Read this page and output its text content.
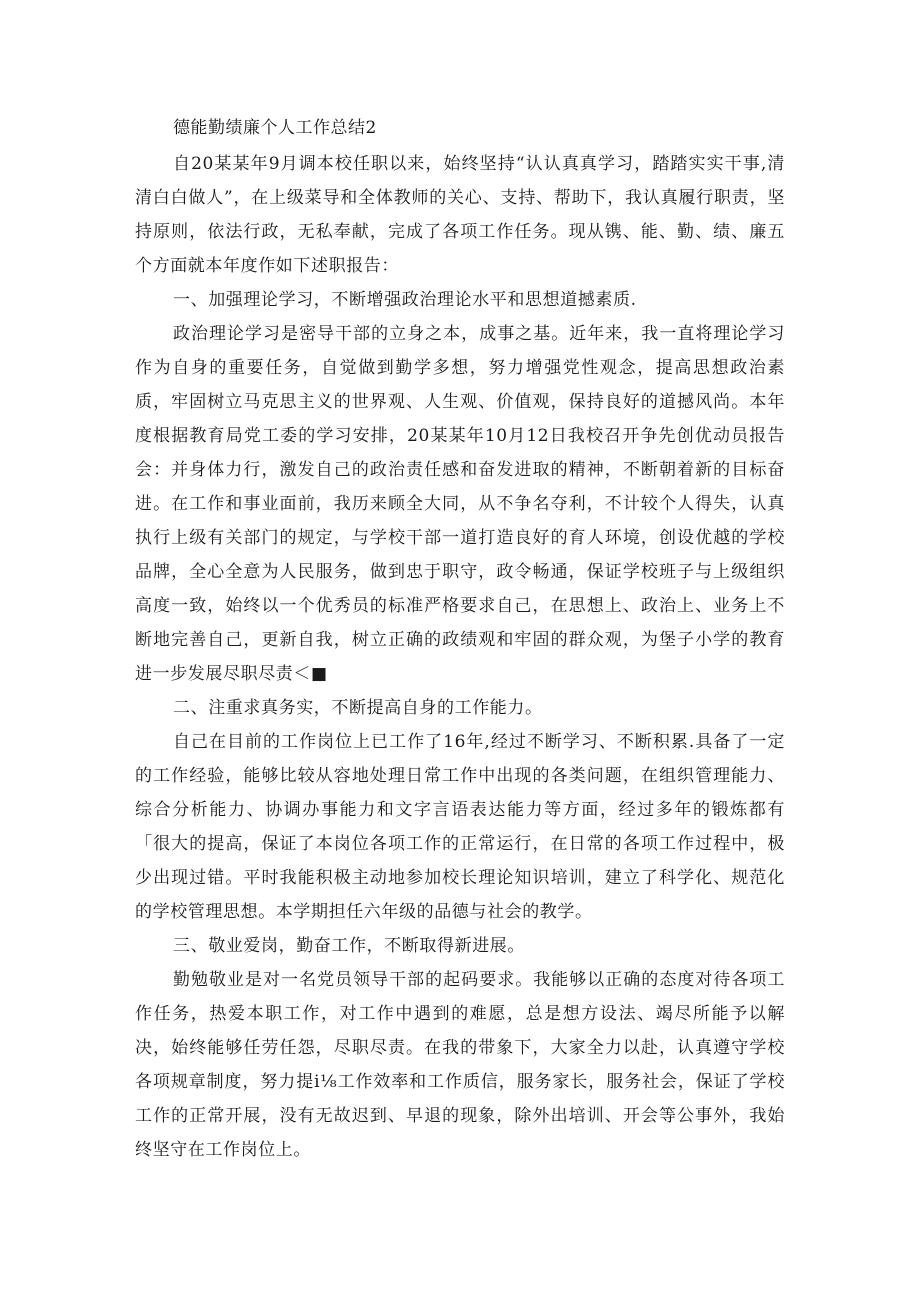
德能勤绩廉个人工作总结2

自20某某年9月调本校任职以来，始终坚持“认认真真学习，踏踏实实干事,清清白白做人”，在上级菜导和全体教师的关心、支持、帮助下，我认真履行职责，坚持原则，依法行政，无私奉献，完成了各项工作任务。现从镌、能、勤、绩、廉五个方面就本年度作如下述职报告：

一、加强理论学习，不断增强政治理论水平和思想道撼素质.

政治理论学习是密导干部的立身之本，成事之基。近年来，我一直将理论学习作为自身的重要任务，自觉做到勤学多想，努力增强党性观念，提高思想政治素质，牢固树立马克思主义的世界观、人生观、价值观，保持良好的道撼风尚。本年度根据教育局党工委的学习安排，20某某年10月12日我校召开争先创优动员报告会：并身体力行，激发自己的政治责任感和奋发进取的精神，不断朝着新的目标奋进。在工作和事业面前，我历来顾全大同，从不争名夺利，不计较个人得失，认真执行上级有关部门的规定，与学校干部一道打造良好的育人环境，创设优越的学校品牌，全心全意为人民服务，做到忠于职守，政令畅通，保证学校班子与上级组织高度一致，始终以一个优秀员的标准严格要求自己，在思想上、政治上、业务上不断地完善自己，更新自我，树立正确的政绩观和牢固的群众观，为堡子小学的教育进一步发展尽职尽责＜■

二、注重求真务实，不断提高自身的工作能力。

自己在目前的工作岗位上已工作了16年,经过不断学习、不断积累.具备了一定的工作经验，能够比较从容地处理日常工作中出现的各类问题，在组织管理能力、综合分析能力、协调办事能力和文字言语表达能力等方面，经过多年的锻炼都有「很大的提高，保证了本岗位各项工作的正常运行，在日常的各项工作过程中，极少出现过错。平时我能积极主动地参加校长理论知识培训，建立了科学化、规范化的学校管理思想。本学期担任六年级的品德与社会的教学。

三、敬业爱岗，勤奋工作，不断取得新进展。

勤勉敬业是对一名党员领导干部的起码要求。我能够以正确的态度对待各项工作任务，热爱本职工作，对工作中遇到的难愿，总是想方设法、竭尽所能予以解决，始终能够任劳任怨，尽职尽责。在我的带象下，大家全力以赴，认真遵守学校各项规章制度，努力提i⅛工作效率和工作质信，服务家长，服务社会，保证了学校工作的正常开展，没有无故迟到、早退的现象，除外出培训、开会等公事外，我始终坚守在工作岗位上。
